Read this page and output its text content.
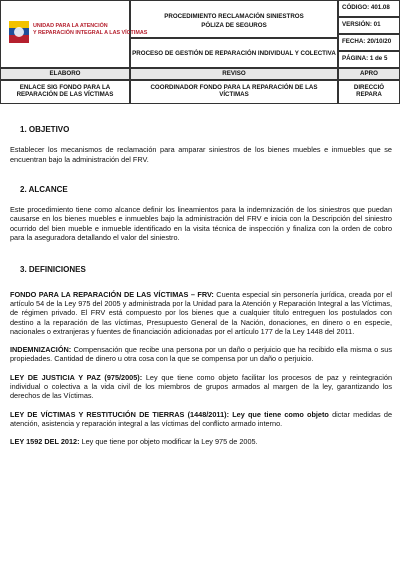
UNIDAD PARA LA ATENCIÓN
Y REPARACIÓN INTEGRAL A LAS VÍCTIMAS
PROCEDIMIENTO RECLAMACIÓN SINIESTROS
PÓLIZA DE SEGUROS
PROCESO DE GESTIÓN DE REPARACIÓN INDIVIDUAL Y COLECTIVA
CÓDIGO: 401.08
VERSIÓN: 01
FECHA: 20/10/20
PÁGINA: 1 de 5
ELABORO	REVISO	APRO
ENLACE SIG FONDO PARA LA
REPARACIÓN DE LAS VÍCTIMAS
COORDINADOR FONDO PARA LA REPARACIÓN DE LAS
VÍCTIMAS
DIRECCIÓ
REPARA
1. OBJETIVO

Establecer los mecanismos de reclamación para amparar siniestros de los bienes muebles e inmuebles que se encuentran bajo la administración del FRV.

2. ALCANCE

Este procedimiento tiene como alcance definir los lineamientos para la indemnización de los siniestros que puedan causarse en los bienes muebles e inmuebles bajo la administración del FRV e inicia con la Descripción del siniestro ocurrido del bien mueble e inmueble identificado en la visita técnica de inspección y finaliza con la orden de cobro para la aseguradora detallando el valor del siniestro.

3. DEFINICIONES

FONDO PARA LA REPARACIÓN DE LAS VÍCTIMAS – FRV: Cuenta especial sin personería jurídica, creada por el artículo 54 de la Ley 975 del 2005 y administrada por la Unidad para la Atención y Reparación Integral a las Víctimas, de régimen privado. El FRV está compuesto por los bienes que a cualquier título entreguen los postulados con destino a la reparación de las víctimas, Presupuesto General de la Nación, donaciones, en dinero o en especie, nacionales o extranjeras y fuentes de financiación adicionadas por el artículo 177 de la Ley 1448 del 2011.

INDEMNIZACIÓN: Compensación que recibe una persona por un daño o perjuicio que ha recibido ella misma o sus propiedades. Cantidad de dinero u otra cosa con la que se compensa por un daño o perjuicio.

LEY DE JUSTICIA Y PAZ (975/2005): Ley que tiene como objeto facilitar los procesos de paz y reintegración individual o colectiva a la vida civil de los miembros de grupos armados al margen de la ley, garantizando los derechos de las Víctimas.

LEY DE VÍCTIMAS Y RESTITUCIÓN DE TIERRAS (1448/2011): Ley que tiene como objeto dictar medidas de atención, asistencia y reparación integral a las víctimas del conflicto armado interno.

LEY 1592 DEL 2012: Ley que tiene por objeto modificar la Ley 975 de 2005.
